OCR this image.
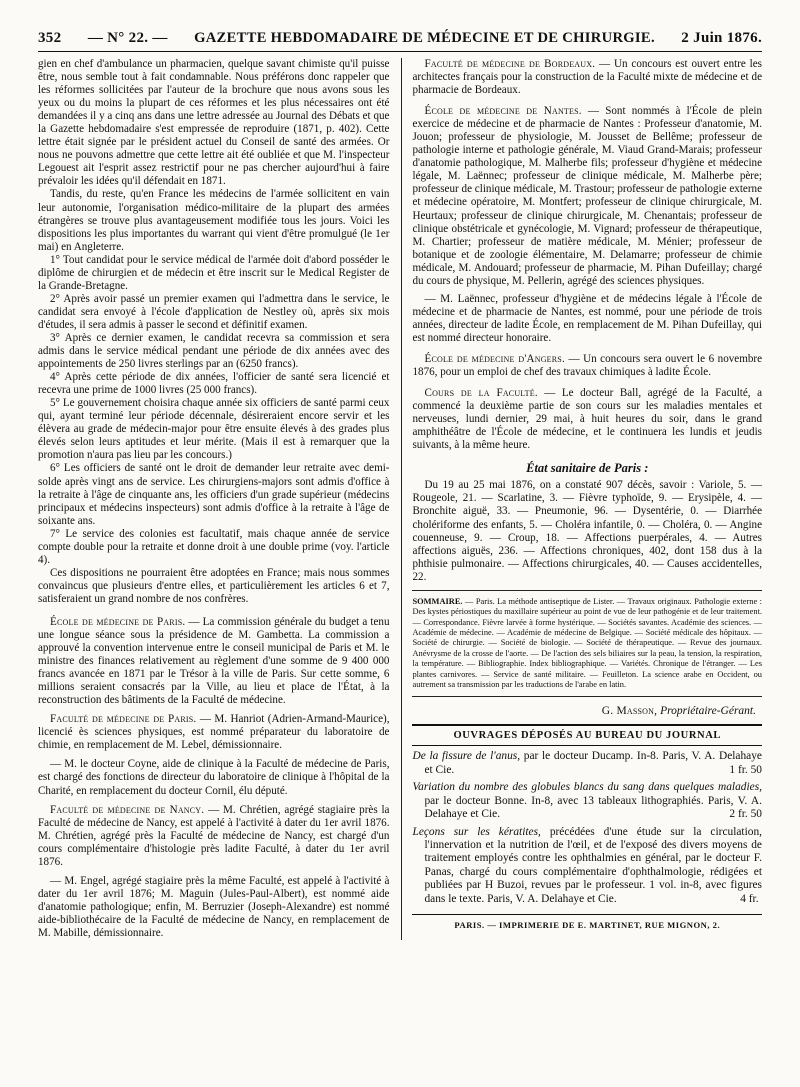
352 — N° 22. — GAZETTE HEBDOMADAIRE DE MÉDECINE ET DE CHIRURGIE. 2 Juin 1876.

gien en chef d'ambulance un pharmacien, quelque savant chimiste qu'il puisse être, nous semble tout à fait condamnable. Nous préférons donc rappeler que les réformes sollicitées par l'auteur de la brochure que nous avons sous les yeux ou du moins la plupart de ces réformes et les plus nécessaires ont été demandées il y a cinq ans dans une lettre adressée au Journal des Débats et que la Gazette hebdomadaire s'est empressée de reproduire (1871, p. 402). Cette lettre était signée par le président actuel du Conseil de santé des armées. Or nous ne pouvons admettre que cette lettre ait été oubliée et que M. l'inspecteur Legouest ait l'esprit assez restrictif pour ne pas chercher aujourd'hui à faire prévaloir les idées qu'il défendait en 1871.

Tandis, du reste, qu'en France les médecins de l'armée sollicitent en vain leur autonomie, l'organisation médico-militaire de la plupart des armées étrangères se trouve plus avantageusement modifiée tous les jours. Voici les dispositions les plus importantes du warrant qui vient d'être promulgué (le 1er mai) en Angleterre.

1° Tout candidat pour le service médical de l'armée doit d'abord posséder le diplôme de chirurgien et de médecin et être inscrit sur le Medical Register de la Grande-Bretagne.

2° Après avoir passé un premier examen qui l'admettra dans le service, le candidat sera envoyé à l'école d'application de Nestley où, après six mois d'études, il sera admis à passer le second et définitif examen.

3° Après ce dernier examen, le candidat recevra sa commission et sera admis dans le service médical pendant une période de dix années avec des appointements de 250 livres sterlings par an (6250 francs).

4° Après cette période de dix années, l'officier de santé sera licencié et recevra une prime de 1000 livres (25 000 francs).

5° Le gouvernement choisira chaque année six officiers de santé parmi ceux qui, ayant terminé leur période décennale, désireraient encore servir et les élèvera au grade de médecin-major pour être ensuite élevés à des grades plus élevés selon leurs aptitudes et leur mérite. (Mais il est à remarquer que la promotion n'aura pas lieu par les concours.)

6° Les officiers de santé ont le droit de demander leur retraite avec demi-solde après vingt ans de service. Les chirurgiens-majors sont admis d'office à la retraite à l'âge de cinquante ans, les officiers d'un grade supérieur (médecins principaux et médecins inspecteurs) sont admis d'office à la retraite à l'âge de soixante ans.

7° Le service des colonies est facultatif, mais chaque année de service compte double pour la retraite et donne droit à une double prime (voy. l'article 4).

Ces dispositions ne pourraient être adoptées en France; mais nous sommes convaincus que plusieurs d'entre elles, et particulièrement les articles 6 et 7, satisferaient un grand nombre de nos confrères.

École de médecine de Paris. — La commission générale du budget a tenu une longue séance sous la présidence de M. Gambetta. La commission a approuvé la convention intervenue entre le conseil municipal de Paris et M. le ministre des finances relativement au règlement d'une somme de 9 400 000 francs avancée en 1871 par le Trésor à la ville de Paris. Sur cette somme, 6 millions seraient consacrés par la Ville, au lieu et place de l'État, à la reconstruction des bâtiments de la Faculté de médecine.

Faculté de médecine de Paris. — M. Hanriot (Adrien-Armand-Maurice), licencié ès sciences physiques, est nommé préparateur du laboratoire de chimie, en remplacement de M. Lebel, démissionnaire.

— M. le docteur Coyne, aide de clinique à la Faculté de médecine de Paris, est chargé des fonctions de directeur du laboratoire de clinique à l'hôpital de la Charité, en remplacement du docteur Cornil, élu député.

Faculté de médecine de Nancy. — M. Chrétien, agrégé stagiaire près la Faculté de médecine de Nancy, est appelé à l'activité à dater du 1er avril 1876. M. Chrétien, agrégé près la Faculté de médecine de Nancy, est chargé d'un cours complémentaire d'histologie près ladite Faculté, à dater du 1er avril 1876.

— M. Engel, agrégé stagiaire près la même Faculté, est appelé à l'activité à dater du 1er avril 1876; M. Maguin (Jules-Paul-Albert), est nommé aide d'anatomie pathologique; enfin, M. Berruzier (Joseph-Alexandre) est nommé aide-bibliothécaire de la Faculté de médecine de Nancy, en remplacement de M. Mabille, démissionnaire.

Faculté de médecine de Bordeaux. — Un concours est ouvert entre les architectes français pour la construction de la Faculté mixte de médecine et de pharmacie de Bordeaux.

École de médecine de Nantes. — Sont nommés à l'École de plein exercice de médecine et de pharmacie de Nantes : Professeur d'anatomie, M. Jouon; professeur de physiologie, M. Jousset de Bellême; professeur de pathologie interne et pathologie générale, M. Viaud Grand-Marais; professeur d'anatomie pathologique, M. Malherbe fils; professeur d'hygiène et médecine légale, M. Laënnec; professeur de clinique médicale, M. Malherbe père; professeur de clinique médicale, M. Trastour; professeur de pathologie externe et médecine opératoire, M. Montfert; professeur de clinique chirurgicale, M. Heurtaux; professeur de clinique chirurgicale, M. Chenantais; professeur de clinique obstétricale et gynécologie, M. Vignard; professeur de thérapeutique, M. Chartier; professeur de matière médicale, M. Ménier; professeur de botanique et de zoologie élémentaire, M. Delamarre; professeur de chimie médicale, M. Andouard; professeur de pharmacie, M. Pihan Dufeillay; chargé du cours de physique, M. Pellerin, agrégé des sciences physiques.

— M. Laënnec, professeur d'hygiène et de médecins légale à l'École de médecine et de pharmacie de Nantes, est nommé, pour une période de trois années, directeur de ladite École, en remplacement de M. Pihan Dufeillay, qui est nommé directeur honoraire.

École de médecine d'Angers. — Un concours sera ouvert le 6 novembre 1876, pour un emploi de chef des travaux chimiques à ladite École.

Cours de la Faculté. — Le docteur Ball, agrégé de la Faculté, a commencé la deuxième partie de son cours sur les maladies mentales et nerveuses, lundi dernier, 29 mai, à huit heures du soir, dans le grand amphithéâtre de l'École de médecine, et le continuera les lundis et jeudis suivants, à la même heure.

État sanitaire de Paris :

Du 19 au 25 mai 1876, on a constaté 907 décès, savoir : Variole, 5. — Rougeole, 21. — Scarlatine, 3. — Fièvre typhoïde, 9. — Erysipèle, 4. — Bronchite aiguë, 33. — Pneumonie, 96. — Dysentérie, 0. — Diarrhée cholériforme des enfants, 5. — Choléra infantile, 0. — Choléra, 0. — Angine couenneuse, 9. — Croup, 18. — Affections puerpérales, 4. — Autres affections aiguës, 236. — Affections chroniques, 402, dont 158 dus à la phthisie pulmonaire. — Affections chirurgicales, 40. — Causes accidentelles, 22.

SOMMAIRE. — Paris. La méthode antiseptique de Lister. — Travaux originaux. Pathologie externe : Des kystes périostiques du maxillaire supérieur au point de vue de leur pathogénie et de leur traitement. — Correspondance. Fièvre larvée à forme hystérique. — Sociétés savantes. Académie des sciences. — Académie de médecine. — Académie de médecine de Belgique. — Société médicale des hôpitaux. — Société de chirurgie. — Société de biologie. — Société de thérapeutique. — Revue des journaux. Anévrysme de la crosse de l'aorte. — De l'action des sels biliaires sur la peau, la tension, la respiration, la température. — Bibliographie. Index bibliographique. — Variétés. Chronique de l'étranger. — Les plantes carnivores. — Service de santé militaire. — Feuilleton. La science arabe en Occident, ou autrement sa transmission par les traductions de l'arabe en latin.
G. Masson, Propriétaire-Gérant.
OUVRAGES DÉPOSÉS AU BUREAU DU JOURNAL
De la fissure de l'anus, par le docteur Ducamp. In-8. Paris, V. A. Delahaye et Cie.	1 fr. 50
Variation du nombre des globules blancs du sang dans quelques maladies, par le docteur Bonne. In-8, avec 13 tableaux lithographiés. Paris, V. A. Delahaye et Cie.	2 fr. 50
Leçons sur les kératites, précédées d'une étude sur la circulation, l'innervation et la nutrition de l'œil, et de l'exposé des divers moyens de traitement employés contre les ophthalmies en général, par le docteur F. Panas, chargé du cours complémentaire d'ophthalmologie, rédigées et publiées par H Buzoi, revues par le professeur. 1 vol. in-8, avec figures dans le texte. Paris, V. A. Delahaye et Cie.	4 fr.
PARIS. — IMPRIMERIE DE E. MARTINET, RUE MIGNON, 2.
